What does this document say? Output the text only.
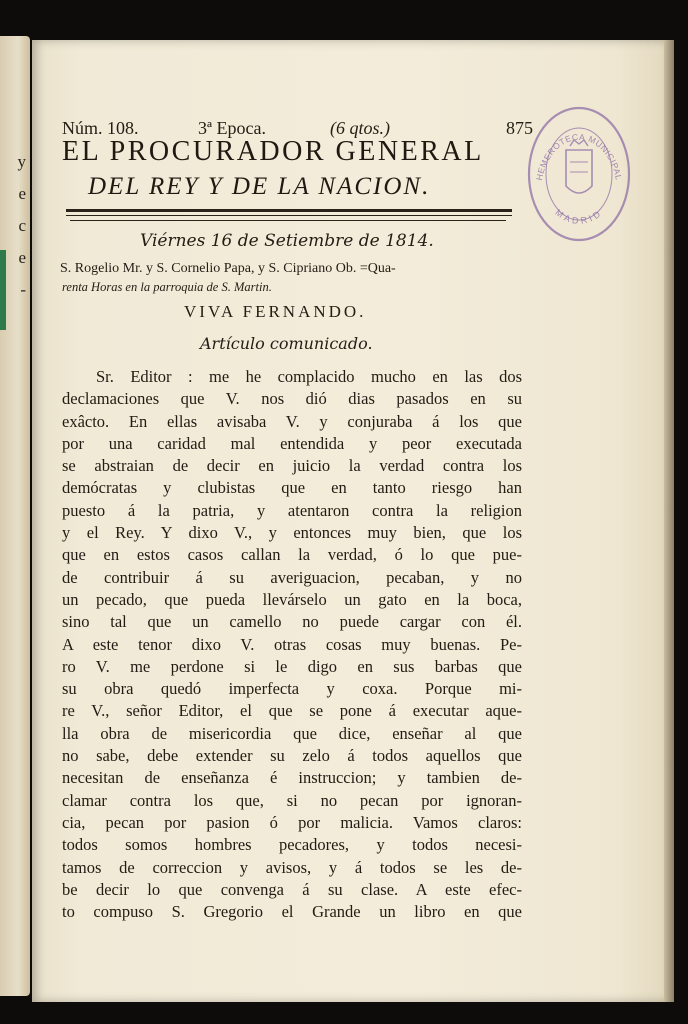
y
e
c
e
-
Núm. 108.	3ª Epoca.	(6 qtos.)	875
EL PROCURADOR GENERAL
DEL REY Y DE LA NACION.
Viérnes 16 de Setiembre de 1814.
S. Rogelio Mr. y S. Cornelio Papa, y S. Cipriano Ob. =Qua-
renta Horas en la parroquia de S. Martin.
VIVA FERNANDO.
Artículo comunicado.
Sr. Editor : me he complacido mucho en las dos
declamaciones que V. nos dió dias pasados en su
exâcto. En ellas avisaba V. y conjuraba á los que
por una caridad mal entendida y peor executada
se abstraian de decir en juicio la verdad contra los
demócratas y clubistas que en tanto riesgo han
puesto á la patria, y atentaron contra la religion
y el Rey. Y dixo V., y entonces muy bien, que los
que en estos casos callan la verdad, ó lo que pue-
de contribuir á su averiguacion, pecaban, y no
un pecado, que pueda llevárselo un gato en la boca,
sino tal que un camello no puede cargar con él.
A este tenor dixo V. otras cosas muy buenas. Pe-
ro V. me perdone si le digo en sus barbas que
su obra quedó imperfecta y coxa. Porque mi-
re V., señor Editor, el que se pone á executar aque-
lla obra de misericordia que dice, enseñar al que
no sabe, debe extender su zelo á todos aquellos que
necesitan de enseñanza é instruccion; y tambien de-
clamar contra los que, si no pecan por ignoran-
cia, pecan por pasion ó por malicia. Vamos claros:
todos somos hombres pecadores, y todos necesi-
tamos de correccion y avisos, y á todos se les de-
be decir lo que convenga á su clase. A este efec-
to compuso S. Gregorio el Grande un libro en que
HEMEROTECA MUNICIPAL
MADRID
